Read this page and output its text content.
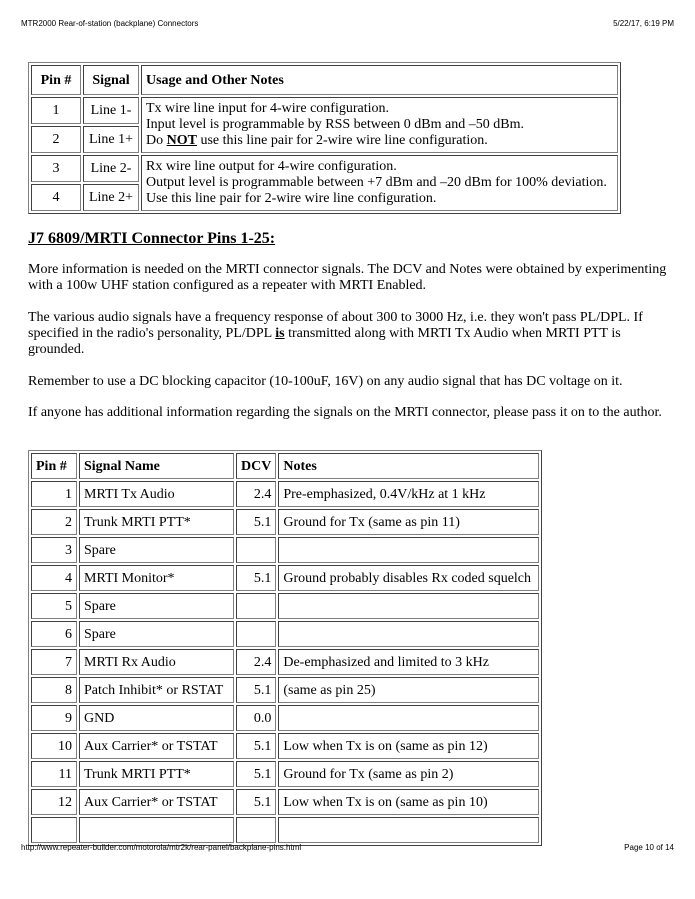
MTR2000 Rear-of-station (backplane) Connectors	5/22/17, 6:19 PM
Pin #	Signal	Usage and Other Notes
1	Line 1-	Tx wire line input for 4-wire configuration.
Input level is programmable by RSS between 0 dBm and –50 dBm.
Do NOT use this line pair for 2-wire wire line configuration.
2	Line 1+	
3	Line 2-	Rx wire line output for 4-wire configuration.
Output level is programmable between +7 dBm and –20 dBm for 100% deviation.
Use this line pair for 2-wire wire line configuration.
4	Line 2+	
J7 6809/MRTI Connector Pins 1-25:

More information is needed on the MRTI connector signals. The DCV and Notes were obtained by experimenting with a 100w UHF station configured as a repeater with MRTI Enabled.

The various audio signals have a frequency response of about 300 to 3000 Hz, i.e. they won't pass PL/DPL. If specified in the radio's personality, PL/DPL is transmitted along with MRTI Tx Audio when MRTI PTT is grounded.

Remember to use a DC blocking capacitor (10-100uF, 16V) on any audio signal that has DC voltage on it.

If anyone has additional information regarding the signals on the MRTI connector, please pass it on to the author.

Pin #	Signal Name	DCV	Notes
1	MRTI Tx Audio	2.4	Pre-emphasized, 0.4V/kHz at 1 kHz
2	Trunk MRTI PTT*	5.1	Ground for Tx (same as pin 11)
3	Spare		
4	MRTI Monitor*	5.1	Ground probably disables Rx coded squelch
5	Spare		
6	Spare		
7	MRTI Rx Audio	2.4	De-emphasized and limited to 3 kHz
8	Patch Inhibit* or RSTAT	5.1	(same as pin 25)
9	GND	0.0	
10	Aux Carrier* or TSTAT	5.1	Low when Tx is on (same as pin 12)
11	Trunk MRTI PTT*	5.1	Ground for Tx (same as pin 2)
12	Aux Carrier* or TSTAT	5.1	Low when Tx is on (same as pin 10)

http://www.repeater-builder.com/motorola/mtr2k/rear-panel/backplane-pins.html	Page 10 of 14
